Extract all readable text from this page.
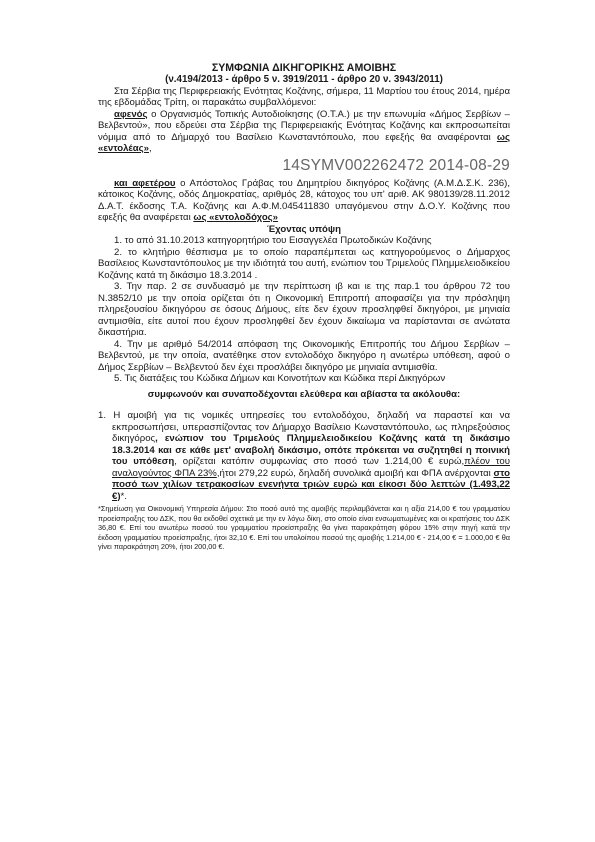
ΣΥΜΦΩΝΙΑ ΔΙΚΗΓΟΡΙΚΗΣ ΑΜΟΙΒΗΣ
(ν.4194/2013 - άρθρο 5 ν. 3919/2011 - άρθρο 20 ν. 3943/2011)

Στα Σέρβια της Περιφερειακής Ενότητας Κοζάνης, σήμερα, 11 Μαρτίου του έτους 2014, ημέρα της εβδομάδας Τρίτη, οι παρακάτω συμβαλλόμενοι:

αφενός ο Οργανισμός Τοπικής Αυτοδιοίκησης (Ο.Τ.Α.) με την επωνυμία «Δήμος Σερβίων –Βελβεντού», που εδρεύει στα Σέρβια της Περιφερειακής Ενότητας Κοζάνης και εκπροσωπείται νόμιμα από το Δήμαρχό του Βασίλειο Κωνσταντόπουλο, που εφεξής θα αναφέρονται ως «εντολέας»,

14SYMV002262472 2014-08-29

και αφετέρου ο Απόστολος Γράβας του Δημητρίου δικηγόρος Κοζάνης (Α.Μ.Δ.Σ.Κ. 236), κάτοικος Κοζάνης, οδός Δημοκρατίας, αριθμός 28, κάτοχος του υπ' αριθ. ΑΚ 980139/28.11.2012 Δ.Α.Τ. έκδοσης Τ.Α. Κοζάνης και Α.Φ.Μ.045411830 υπαγόμενου στην Δ.Ο.Υ. Κοζάνης που εφεξής θα αναφέρεται ως «εντολοδόχος»

Έχοντας υπόψη

1. το από 31.10.2013 κατηγορητήριο του Εισαγγελέα Πρωτοδικών Κοζάνης

2. το κλητήριο θέσπισμα με το οποίο παραπέμπεται ως κατηγορούμενος ο Δήμαρχος Βασίλειος Κωνσταντόπουλος με την ιδιότητά του αυτή, ενώπιον του Τριμελούς Πλημμελειοδικείου Κοζάνης κατά τη δικάσιμο 18.3.2014 .

3. Την παρ. 2 σε συνδυασμό με την περίπτωση ιβ και ιε της παρ.1 του άρθρου 72 του Ν.3852/10 με την οποία ορίζεται ότι η Οικονομική Επιτροπή αποφασίζει για την πρόσληψη πληρεξουσίου δικηγόρου σε όσους Δήμους, είτε δεν έχουν προσληφθεί δικηγόροι, με μηνιαία αντιμισθία, είτε αυτοί που έχουν προσληφθεί δεν έχουν δικαίωμα να παρίστανται σε ανώτατα δικαστήρια.

4. Την με αριθμό 54/2014 απόφαση της Οικονομικής Επιτροπής του Δήμου Σερβίων –Βελβεντού, με την οποία, ανατέθηκε στον εντολοδόχο δικηγόρο η ανωτέρω υπόθεση, αφού ο Δήμος Σερβίων – Βελβεντού δεν έχει προσλάβει δικηγόρο με μηνιαία αντιμισθία.

5. Τις διατάξεις του Κώδικα Δήμων και Κοινοτήτων και Κώδικα περί Δικηγόρων

συμφωνούν και συναποδέχονται ελεύθερα και αβίαστα τα ακόλουθα:

1. Η αμοιβή για τις νομικές υπηρεσίες του εντολοδόχου, δηλαδή να παραστεί και να εκπροσωπήσει, υπερασπίζοντας τον Δήμαρχο Βασίλειο Κωνσταντόπουλο, ως πληρεξούσιος δικηγόρος, ενώπιον του Τριμελούς Πλημμελειοδικείου Κοζάνης κατά τη δικάσιμο 18.3.2014 και σε κάθε μετ' αναβολή δικάσιμο, οπότε πρόκειται να συζητηθεί η ποινική του υπόθεση, ορίζεται κατόπιν συμφωνίας στο ποσό των 1.214,00 € ευρώ,πλέον του αναλογούντος ΦΠΑ 23%,ήτοι 279,22 ευρώ, δηλαδή συνολικά αμοιβή και ΦΠΑ ανέρχονται στο ποσό των χιλίων τετρακοσίων ενενήντα τριών ευρώ και είκοσι δύο λεπτών (1.493,22 €)*.

*Σημείωση για Οικονομική Υπηρεσία Δήμου: Στο ποσό αυτό της αμοιβής περιλαμβάνεται και η αξία 214,00 € του γραμματίου προείσπραξης του ΔΣΚ, που θα εκδοθεί σχετικά με την εν λόγω δίκη, στο οποίο είναι ενσωματωμένες και οι κρατήσεις του ΔΣΚ 36,80 €. Επί του ανωτέρω ποσού του γραμματίου προείσπραξης θα γίνει παρακράτηση φόρου 15% στην πηγή κατά την έκδοση γραμματίου προείσπραξης, ήτοι 32,10 €. Επί του υπολοίπου ποσού της αμοιβής 1.214,00 € - 214,00 € = 1.000,00 € θα γίνει παρακράτηση 20%, ήτοι 200,00 €.
